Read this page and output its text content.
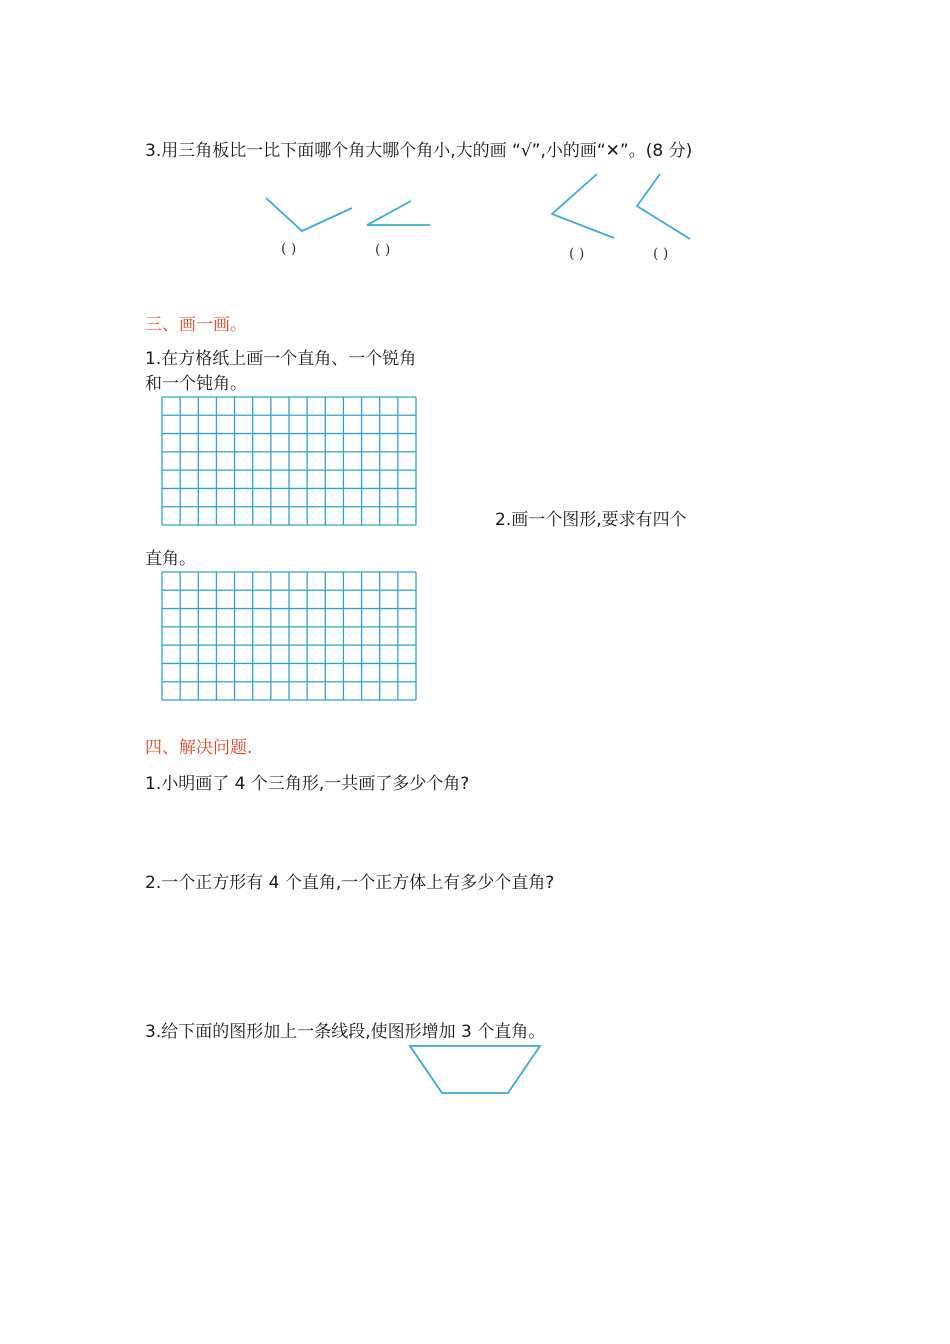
3.用三角板比一比下面哪个角大哪个角小,大的画 “√”,小的画“✕”。(8 分)
( )	( )	( )	( )
三、画一画。
1.在方格纸上画一个直角、一个锐角
和一个钝角。
2.画一个图形,要求有四个
直角。
四、解决问题.
1.小明画了 4 个三角形,一共画了多少个角?
2.一个正方形有 4 个直角,一个正方体上有多少个直角?
3.给下面的图形加上一条线段,使图形增加 3 个直角。
